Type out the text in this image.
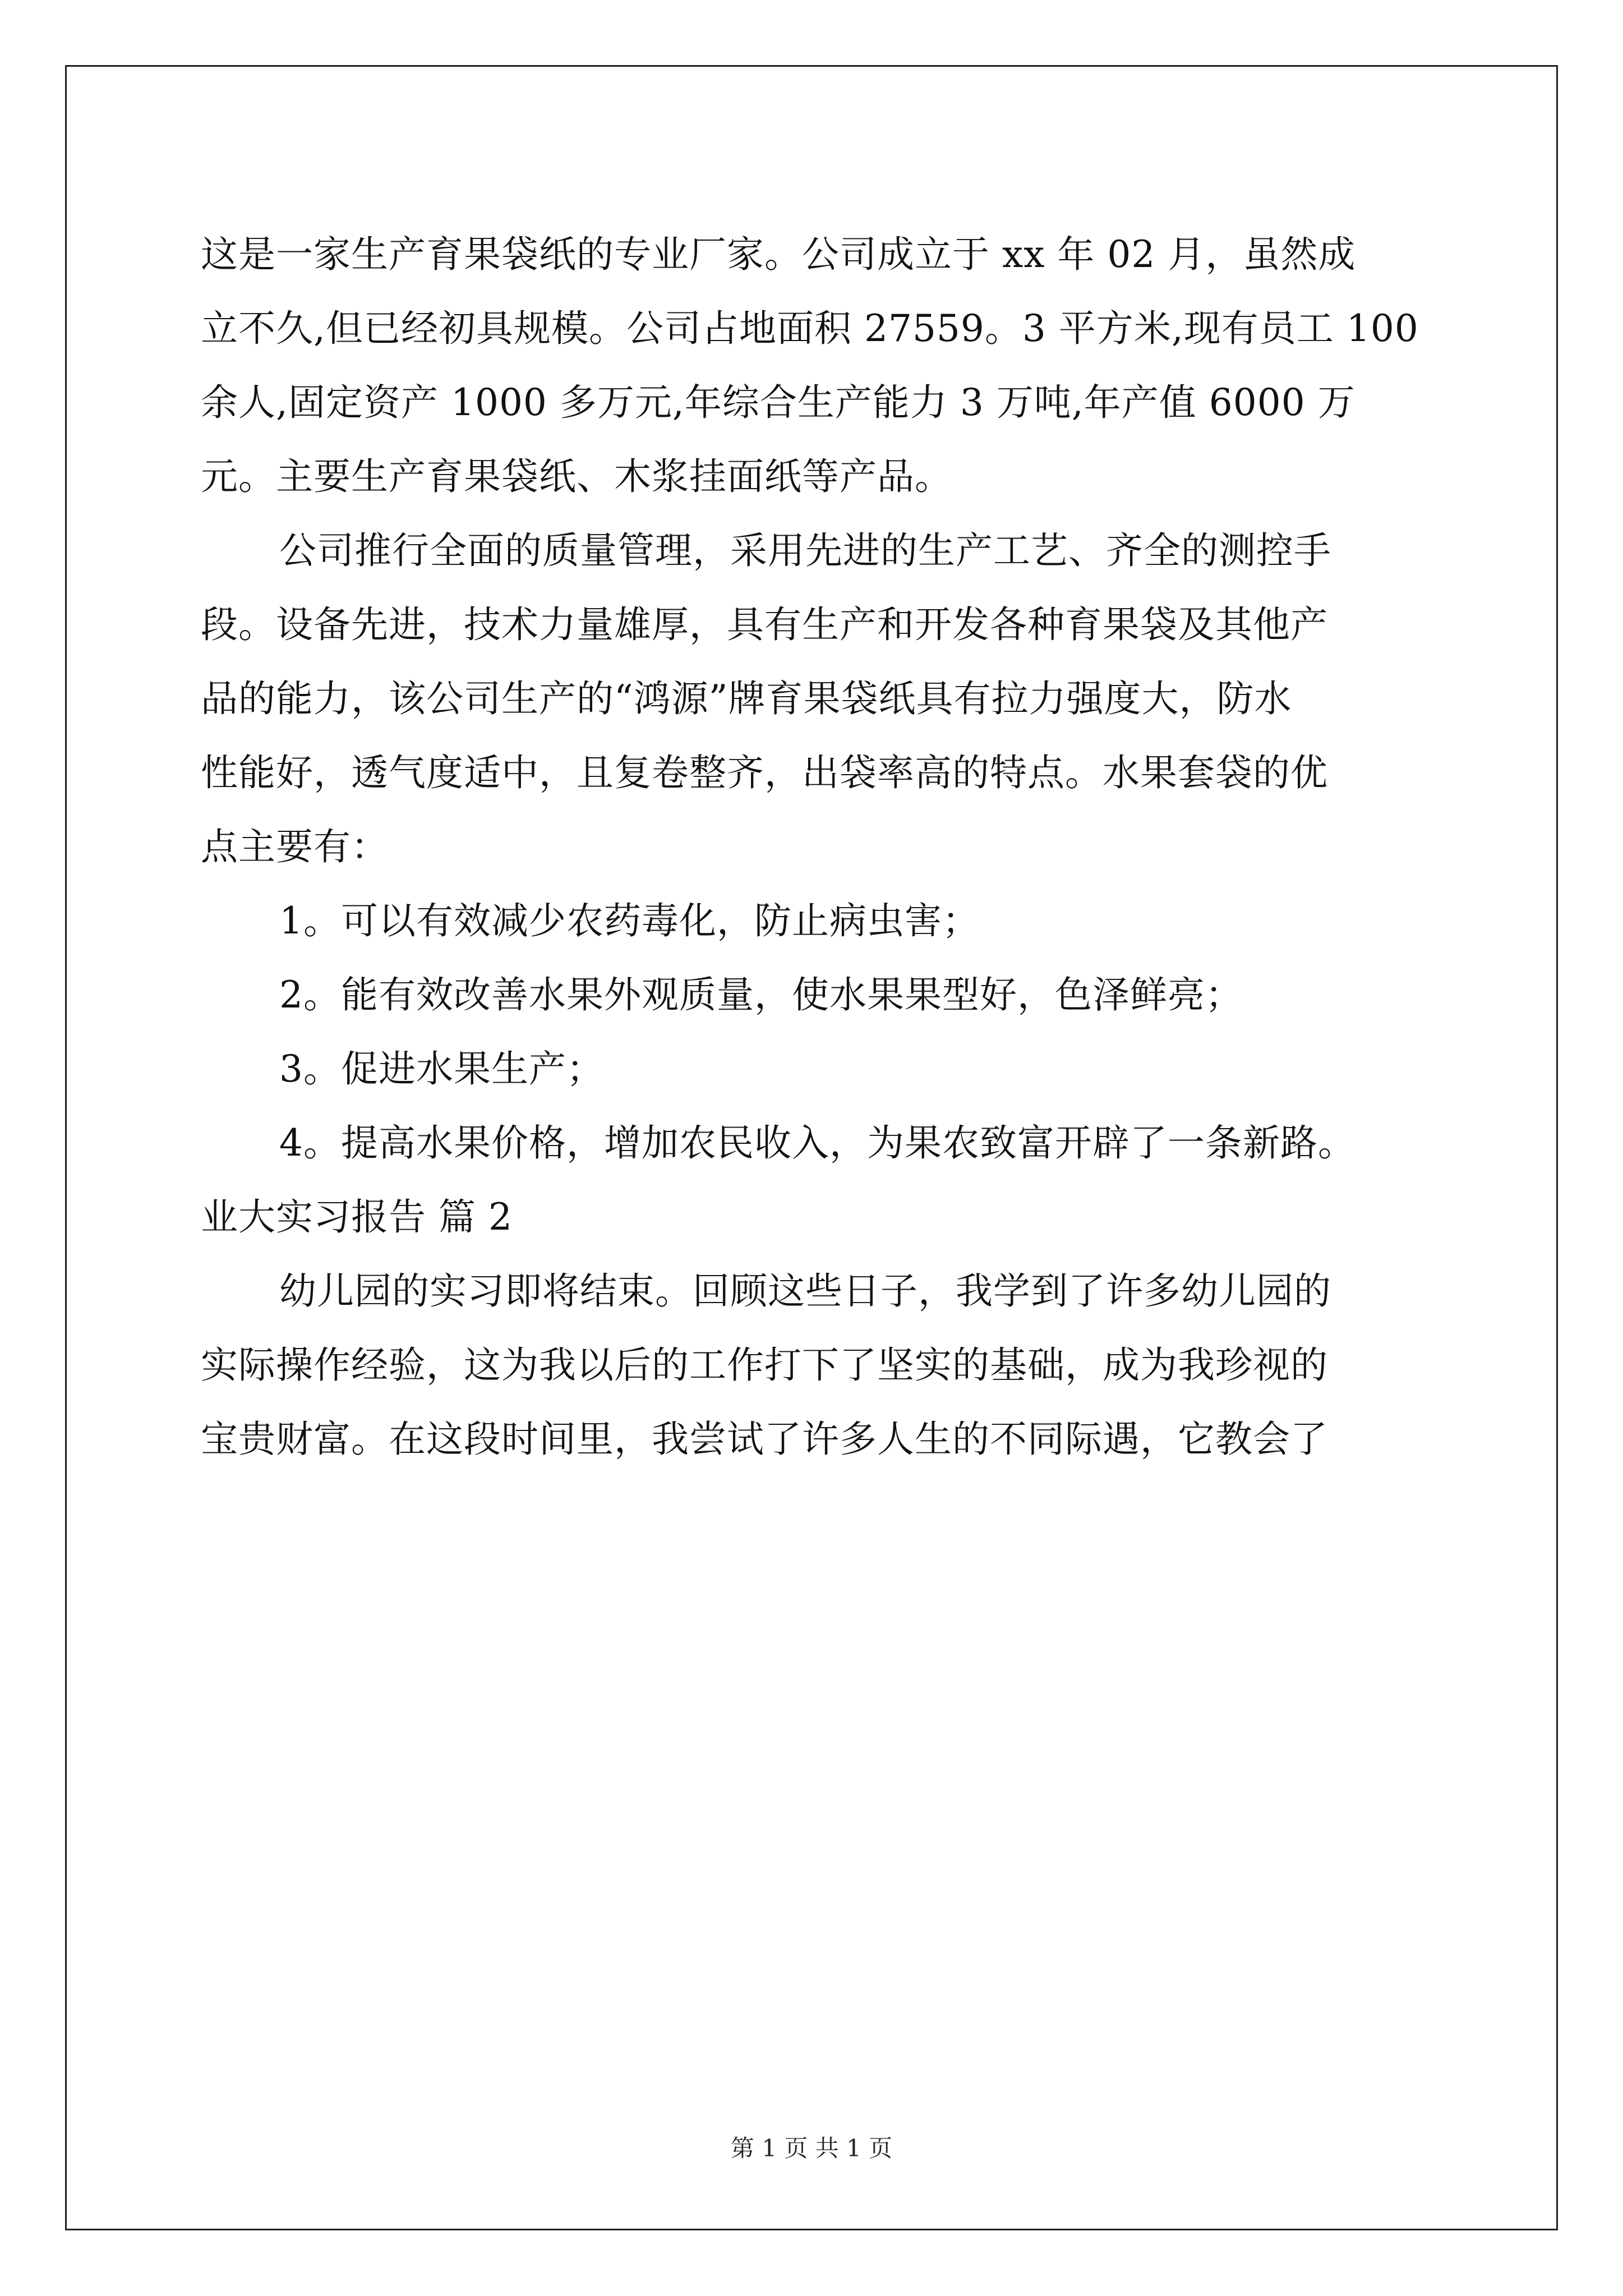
这是一家生产育果袋纸的专业厂家。公司成立于 xx 年 02 月，虽然成
立不久,但已经初具规模。公司占地面积 27559。3 平方米,现有员工 100
余人,固定资产 1000 多万元,年综合生产能力 3 万吨,年产值 6000 万
元。主要生产育果袋纸、木浆挂面纸等产品。
公司推行全面的质量管理，采用先进的生产工艺、齐全的测控手
段。设备先进，技术力量雄厚，具有生产和开发各种育果袋及其他产
品的能力，该公司生产的“鸿源”牌育果袋纸具有拉力强度大，防水
性能好，透气度适中，且复卷整齐，出袋率高的特点。水果套袋的优
点主要有：
1。可以有效减少农药毒化，防止病虫害；
2。能有效改善水果外观质量，使水果果型好，色泽鲜亮；
3。促进水果生产；
4。提高水果价格，增加农民收入，为果农致富开辟了一条新路。
业大实习报告 篇 2
幼儿园的实习即将结束。回顾这些日子，我学到了许多幼儿园的
实际操作经验，这为我以后的工作打下了坚实的基础，成为我珍视的
宝贵财富。在这段时间里，我尝试了许多人生的不同际遇，它教会了
第 1 页 共 1 页
